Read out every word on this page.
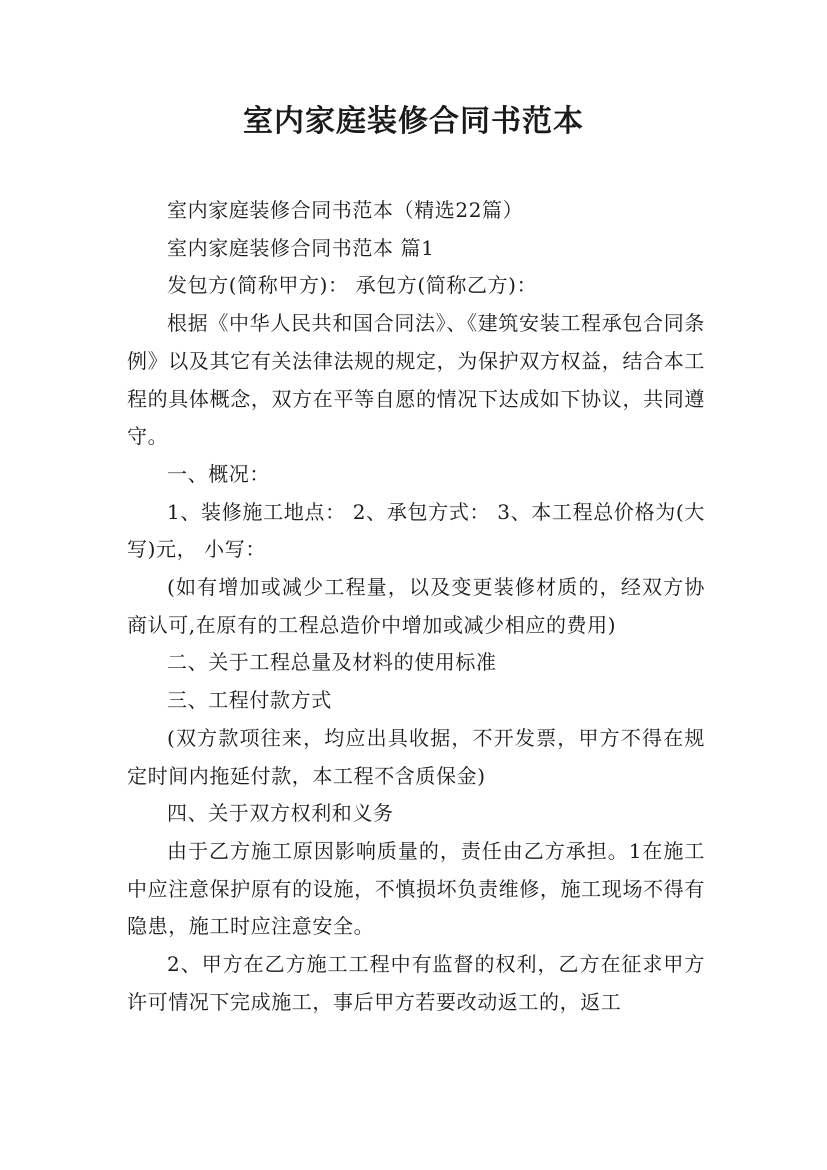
室内家庭装修合同书范本

室内家庭装修合同书范本（精选22篇）

室内家庭装修合同书范本 篇1

发包方(简称甲方)： 承包方(简称乙方)：

根据《中华人民共和国合同法》、《建筑安装工程承包合同条例》以及其它有关法律法规的规定，为保护双方权益，结合本工程的具体概念，双方在平等自愿的情况下达成如下协议，共同遵守。

一、概况：

1、装修施工地点： 2、承包方式： 3、本工程总价格为(大写)元， 小写：

(如有增加或减少工程量，以及变更装修材质的，经双方协商认可,在原有的工程总造价中增加或减少相应的费用)

二、关于工程总量及材料的使用标准

三、工程付款方式

(双方款项往来，均应出具收据，不开发票，甲方不得在规定时间内拖延付款，本工程不含质保金)

四、关于双方权利和义务

由于乙方施工原因影响质量的，责任由乙方承担。1在施工中应注意保护原有的设施，不慎损坏负责维修，施工现场不得有隐患，施工时应注意安全。

2、甲方在乙方施工工程中有监督的权利，乙方在征求甲方许可情况下完成施工，事后甲方若要改动返工的，返工
